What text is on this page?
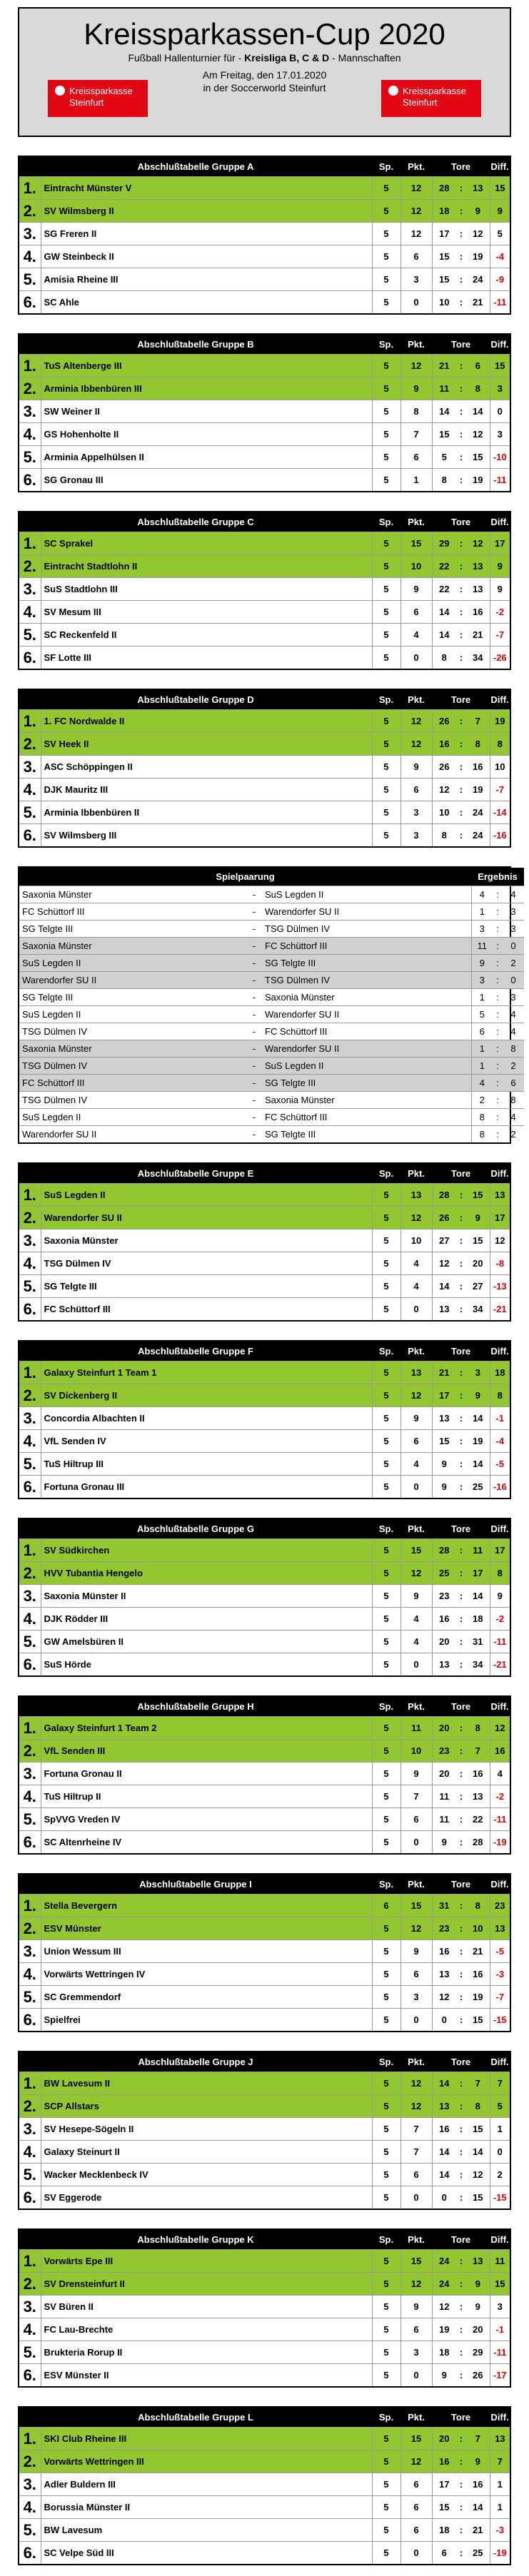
Kreissparkassen-Cup 2020
Fußball Hallenturnier für - Kreisliga B, C & D - Mannschaften
Am Freitag, den 17.01.2020
in der Soccerworld Steinfurt
Kreissparkasse
Steinfurt
Kreissparkasse
Steinfurt
Abschlußtabelle Gruppe A		Sp.	Pkt.	Tore			Diff.
1.	Eintracht Münster V	5	12	28	:	13	15
2.	SV Wilmsberg II	5	12	18	:	9	9
3.	SG Freren II	5	12	17	:	12	5
4.	GW Steinbeck II	5	6	15	:	19	-4
5.	Amisia Rheine III	5	3	15	:	24	-9
6.	SC Ahle	5	0	10	:	21	-11
Abschlußtabelle Gruppe B		Sp.	Pkt.	Tore			Diff.
1.	TuS Altenberge III	5	12	21	:	6	15
2.	Arminia Ibbenbüren III	5	9	11	:	8	3
3.	SW Weiner II	5	8	14	:	14	0
4.	GS Hohenholte II	5	7	15	:	12	3
5.	Arminia Appelhülsen II	5	6	5	:	15	-10
6.	SG Gronau III	5	1	8	:	19	-11
Abschlußtabelle Gruppe C		Sp.	Pkt.	Tore			Diff.
1.	SC Sprakel	5	15	29	:	12	17
2.	Eintracht Stadtlohn II	5	10	22	:	13	9
3.	SuS Stadtlohn III	5	9	22	:	13	9
4.	SV Mesum III	5	6	14	:	16	-2
5.	SC Reckenfeld II	5	4	14	:	21	-7
6.	SF Lotte III	5	0	8	:	34	-26
Abschlußtabelle Gruppe D		Sp.	Pkt.	Tore			Diff.
1.	1. FC Nordwalde II	5	12	26	:	7	19
2.	SV Heek II	5	12	16	:	8	8
3.	ASC Schöppingen II	5	9	26	:	16	10
4.	DJK Mauritz III	5	6	12	:	19	-7
5.	Arminia Ibbenbüren II	5	3	10	:	24	-14
6.	SV Wilmsberg III	5	3	8	:	24	-16
Spielpaarung			Ergebnis		
Saxonia Münster	-	SuS Legden II	4	:	4
FC Schüttorf III	-	Warendorfer SU II	1	:	3
SG Telgte III	-	TSG Dülmen IV	3	:	3
Saxonia Münster	-	FC Schüttorf III	11	:	0
SuS Legden II	-	SG Telgte III	9	:	2
Warendorfer SU II	-	TSG Dülmen IV	3	:	0
SG Telgte III	-	Saxonia Münster	1	:	3
SuS Legden II	-	Warendorfer SU II	5	:	4
TSG Dülmen IV	-	FC Schüttorf III	6	:	4
Saxonia Münster	-	Warendorfer SU II	1	:	8
TSG Dülmen IV	-	SuS Legden II	1	:	2
FC Schüttorf III	-	SG Telgte III	4	:	6
TSG Dülmen IV	-	Saxonia Münster	2	:	8
SuS Legden II	-	FC Schüttorf III	8	:	4
Warendorfer SU II	-	SG Telgte III	8	:	2
Abschlußtabelle Gruppe E		Sp.	Pkt.	Tore			Diff.
1.	SuS Legden II	5	13	28	:	15	13
2.	Warendorfer SU II	5	12	26	:	9	17
3.	Saxonia Münster	5	10	27	:	15	12
4.	TSG Dülmen IV	5	4	12	:	20	-8
5.	SG Telgte III	5	4	14	:	27	-13
6.	FC Schüttorf III	5	0	13	:	34	-21
Abschlußtabelle Gruppe F		Sp.	Pkt.	Tore			Diff.
1.	Galaxy Steinfurt 1 Team 1	5	13	21	:	3	18
2.	SV Dickenberg II	5	12	17	:	9	8
3.	Concordia Albachten II	5	9	13	:	14	-1
4.	VfL Senden IV	5	6	15	:	19	-4
5.	TuS Hiltrup III	5	4	9	:	14	-5
6.	Fortuna Gronau III	5	0	9	:	25	-16
Abschlußtabelle Gruppe G		Sp.	Pkt.	Tore			Diff.
1.	SV Südkirchen	5	15	28	:	11	17
2.	HVV Tubantia Hengelo	5	12	25	:	17	8
3.	Saxonia Münster II	5	9	23	:	14	9
4.	DJK Rödder III	5	4	16	:	18	-2
5.	GW Amelsbüren II	5	4	20	:	31	-11
6.	SuS Hörde	5	0	13	:	34	-21
Abschlußtabelle Gruppe H		Sp.	Pkt.	Tore			Diff.
1.	Galaxy Steinfurt 1 Team 2	5	11	20	:	8	12
2.	VfL Senden III	5	10	23	:	7	16
3.	Fortuna Gronau II	5	9	20	:	16	4
4.	TuS Hiltrup II	5	7	11	:	13	-2
5.	SpVVG Vreden IV	5	6	11	:	22	-11
6.	SC Altenrheine IV	5	0	9	:	28	-19
Abschlußtabelle Gruppe I		Sp.	Pkt.	Tore			Diff.
1.	Stella Bevergern	6	15	31	:	8	23
2.	ESV Münster	5	12	23	:	10	13
3.	Union Wessum III	5	9	16	:	21	-5
4.	Vorwärts Wettringen IV	5	6	13	:	16	-3
5.	SC Gremmendorf	5	3	12	:	19	-7
6.	Spielfrei	5	0	0	:	15	-15
Abschlußtabelle Gruppe J		Sp.	Pkt.	Tore			Diff.
1.	BW Lavesum II	5	12	14	:	7	7
2.	SCP Allstars	5	12	13	:	8	5
3.	SV Hesepe-Sögeln II	5	7	16	:	15	1
4.	Galaxy Steinurt II	5	7	14	:	14	0
5.	Wacker Mecklenbeck IV	5	6	14	:	12	2
6.	SV Eggerode	5	0	0	:	15	-15
Abschlußtabelle Gruppe K		Sp.	Pkt.	Tore			Diff.
1.	Vorwärts Epe III	5	15	24	:	13	11
2.	SV Drensteinfurt II	5	12	24	:	9	15
3.	SV Büren II	5	9	12	:	9	3
4.	FC Lau-Brechte	5	6	19	:	20	-1
5.	Brukteria Rorup II	5	3	18	:	29	-11
6.	ESV Münster II	5	0	9	:	26	-17
Abschlußtabelle Gruppe L		Sp.	Pkt.	Tore			Diff.
1.	SKI Club Rheine III	5	15	20	:	7	13
2.	Vorwärts Wettringen III	5	12	16	:	9	7
3.	Adler Buldern III	5	6	17	:	16	1
4.	Borussia Münster II	5	6	15	:	14	1
5.	BW Lavesum	5	6	18	:	21	-3
6.	SC Velpe Süd III	5	0	6	:	25	-19
